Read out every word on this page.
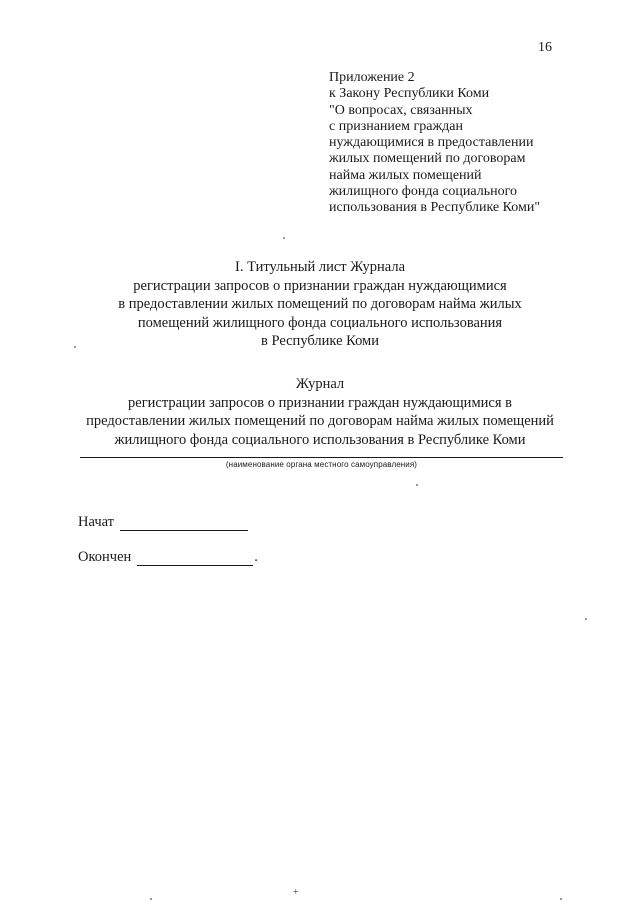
16
Приложение 2
к Закону Республики Коми
"О вопросах, связанных
с признанием граждан
нуждающимися в предоставлении
жилых помещений по договорам
найма жилых помещений
жилищного фонда социального
использования в Республике Коми"
I. Титульный лист Журнала
регистрации запросов о признании граждан нуждающимися
в предоставлении жилых помещений по договорам найма жилых
помещений жилищного фонда социального использования
в Республике Коми
Журнал
регистрации запросов о признании граждан нуждающимися в
предоставлении жилых помещений по договорам найма жилых помещений
жилищного фонда социального использования в Республике Коми
(наименование органа местного самоуправления)
Начат
Окончен	.
+
